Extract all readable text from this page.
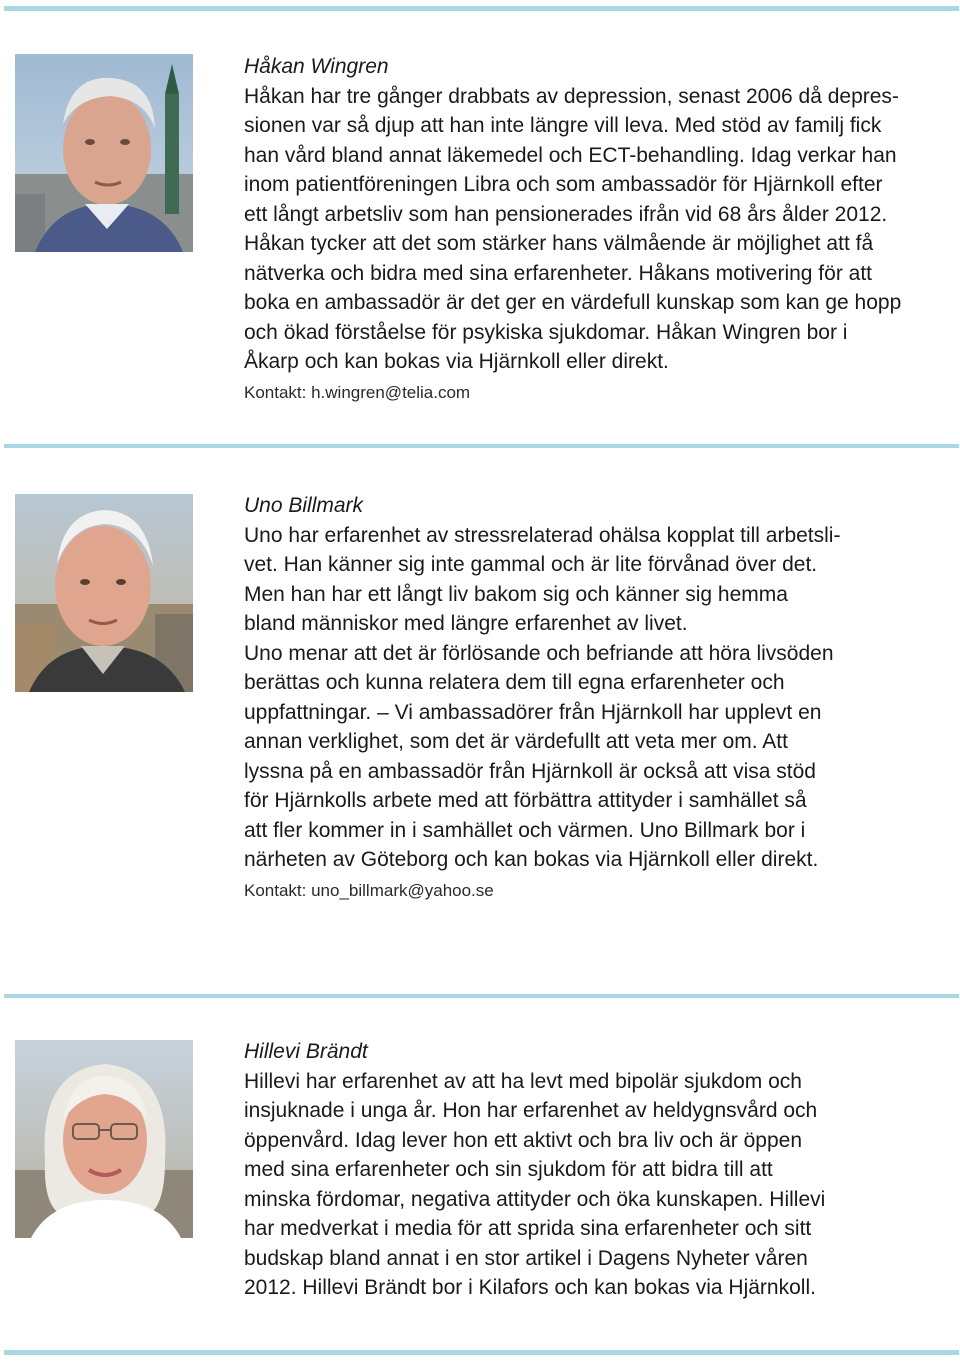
Håkan Wingren

Håkan har tre gånger drabbats av depression, senast 2006 då depres-

sionen var så djup att han inte längre vill leva. Med stöd av familj fick

han vård bland annat läkemedel och ECT-behandling. Idag verkar han

inom patientföreningen Libra och som ambassadör för Hjärnkoll efter

ett långt arbetsliv som han pensionerades ifrån vid 68 års ålder 2012.

Håkan tycker att det som stärker hans välmående är möjlighet att få

nätverka och bidra med sina erfarenheter. Håkans motivering för att

boka en ambassadör är det ger en värdefull kunskap som kan ge hopp

och ökad förståelse för psykiska sjukdomar. Håkan Wingren bor i

Åkarp och kan bokas via Hjärnkoll eller direkt.

Kontakt: h.wingren@telia.com

Uno Billmark

Uno har erfarenhet av stressrelaterad ohälsa kopplat till arbetsli-

vet. Han känner sig inte gammal och är lite förvånad över det.

Men han har ett långt liv bakom sig och känner sig hemma

bland människor med längre erfarenhet av livet.

Uno menar att det är förlösande och befriande att höra livsöden

berättas och kunna relatera dem till egna erfarenheter och

uppfattningar. – Vi ambassadörer från Hjärnkoll har upplevt en

annan verklighet, som det är värdefullt att veta mer om. Att

lyssna på en ambassadör från Hjärnkoll är också att visa stöd

för Hjärnkolls arbete med att förbättra attityder i samhället så

att fler kommer in i samhället och värmen. Uno Billmark bor i

närheten av Göteborg och kan bokas via Hjärnkoll eller direkt.

Kontakt: uno_billmark@yahoo.se

Hillevi Brändt

Hillevi har erfarenhet av att ha levt med bipolär sjukdom och

insjuknade i unga år. Hon har erfarenhet av heldygnsvård och

öppenvård. Idag lever hon ett aktivt och bra liv och är öppen

med sina erfarenheter och sin sjukdom för att bidra till att

minska fördomar, negativa attityder och öka kunskapen. Hillevi

har medverkat i media för att sprida sina erfarenheter och sitt

budskap bland annat i en stor artikel i Dagens Nyheter våren

2012. Hillevi Brändt bor i Kilafors och kan bokas via Hjärnkoll.
